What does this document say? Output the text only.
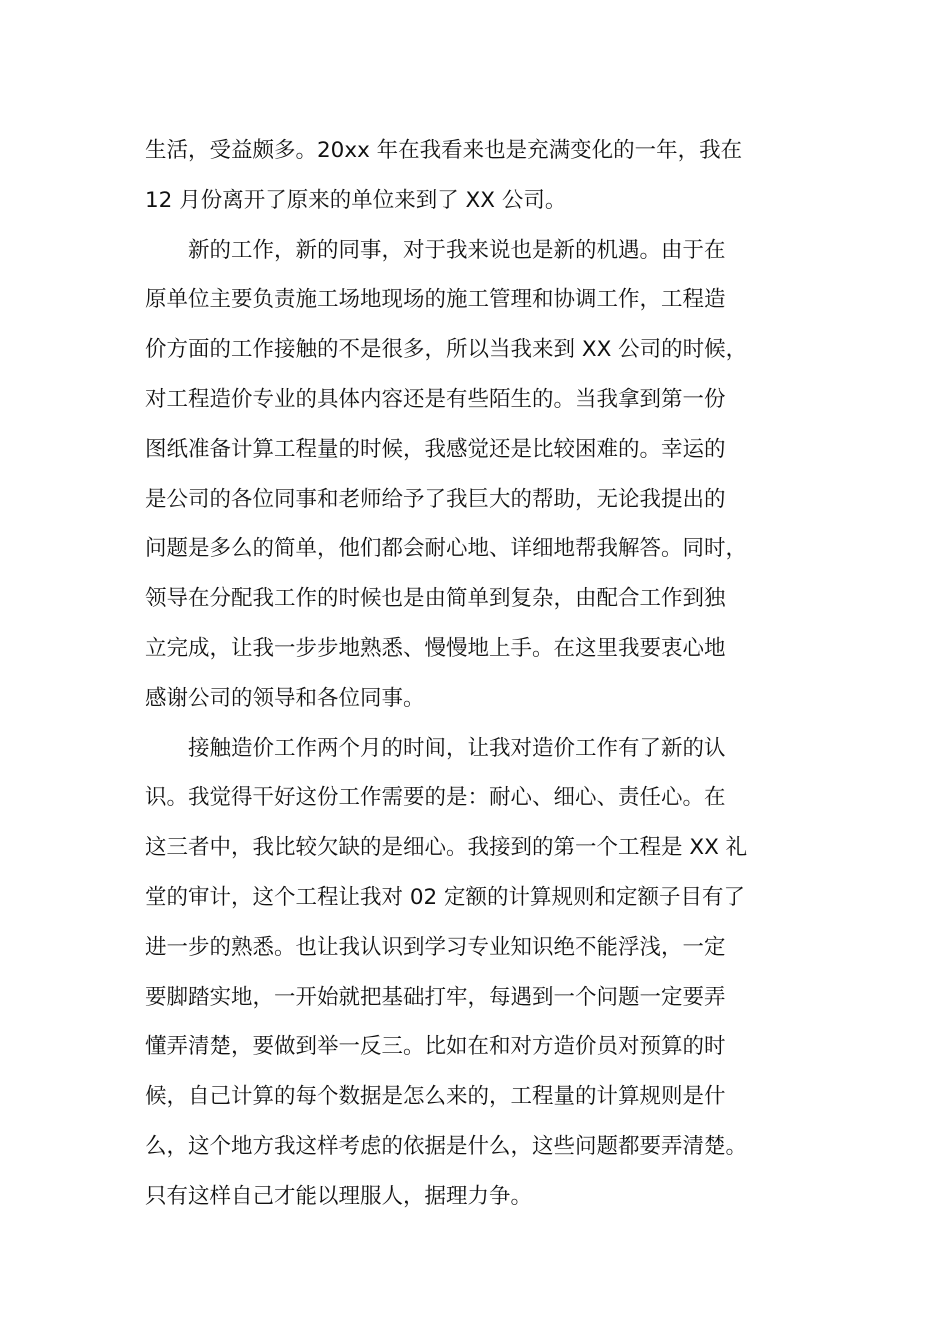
生活，受益颇多。20xx 年在我看来也是充满变化的一年，我在
12 月份离开了原来的单位来到了 XX 公司。
　　新的工作，新的同事，对于我来说也是新的机遇。由于在
原单位主要负责施工场地现场的施工管理和协调工作，工程造
价方面的工作接触的不是很多，所以当我来到 XX 公司的时候，
对工程造价专业的具体内容还是有些陌生的。当我拿到第一份
图纸准备计算工程量的时候，我感觉还是比较困难的。幸运的
是公司的各位同事和老师给予了我巨大的帮助，无论我提出的
问题是多么的简单，他们都会耐心地、详细地帮我解答。同时，
领导在分配我工作的时候也是由简单到复杂，由配合工作到独
立完成，让我一步步地熟悉、慢慢地上手。在这里我要衷心地
感谢公司的领导和各位同事。
　　接触造价工作两个月的时间，让我对造价工作有了新的认
识。我觉得干好这份工作需要的是：耐心、细心、责任心。在
这三者中，我比较欠缺的是细心。我接到的第一个工程是 XX 礼
堂的审计，这个工程让我对 02 定额的计算规则和定额子目有了
进一步的熟悉。也让我认识到学习专业知识绝不能浮浅，一定
要脚踏实地，一开始就把基础打牢，每遇到一个问题一定要弄
懂弄清楚，要做到举一反三。比如在和对方造价员对预算的时
候，自己计算的每个数据是怎么来的，工程量的计算规则是什
么，这个地方我这样考虑的依据是什么，这些问题都要弄清楚。
只有这样自己才能以理服人，据理力争。
